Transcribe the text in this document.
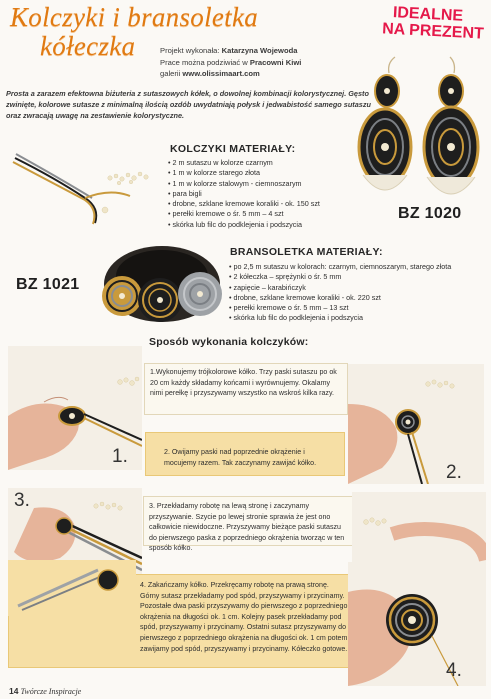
Kolczyki i bransoletka
kółeczka	Projekt wykonała: Katarzyna Wojewoda
Prace można podziwiać w Pracowni Kiwi
galerii www.olissimaart.com
IDEALNE
NA PREZENT
Prosta a zarazem efektowna biżuteria z sutaszowych kółek, o dowolnej kombinacji kolorystycznej. Gęsto zwinięte, kolorowe sutasze z minimalną ilością ozdób uwydatniają połysk i jedwabistość samego sutaszu oraz zwracają uwagę na zestawienie kolorystyczne.
BZ 1020
KOLCZYKI MATERIAŁY:
• 2 m sutaszu w kolorze czarnym
• 1 m w kolorze starego złota
• 1 m w kolorze stalowym - ciemnoszarym
• para bigli
• drobne, szklane kremowe koraliki - ok. 150 szt
• perełki kremowe o śr. 5 mm – 4 szt
• skórka lub filc do podklejenia i podszycia
BZ 1021
BRANSOLETKA MATERIAŁY:
• po 2,5 m sutaszu w kolorach: czarnym, ciemnoszarym, starego złota
• 2 kółeczka – sprężynki o śr. 5 mm
• zapięcie – karabińczyk
• drobne, szklane kremowe koraliki - ok. 220 szt
• perełki kremowe o śr. 5 mm – 13 szt
• skórka lub filc do podklejenia i podszycia
Sposób wykonania kolczyków:
1.
1.Wykonujemy trójkolorowe kółko. Trzy paski sutaszu po ok 20 cm każdy składamy końcami i wyrównujemy. Okalamy nimi perełkę i przyszywamy wszystko na wskroś kilka razy.
2.
2. Owijamy paski nad poprzednie okrążenie i mocujemy razem. Tak zaczynamy zawijać kółko.
3.	3. Przekładamy robotę na lewą stronę i zaczynamy przyszywanie. Szycie po lewej stronie sprawia że jest ono całkowicie niewidoczne. Przyszywamy bieżące paski sutaszu do pierwszego paska z poprzedniego okrążenia tworząc w ten sposób kółko.
4.
4. Zakańczamy kółko. Przekręcamy robotę na prawą stronę. Górny sutasz przekładamy pod spód, przyszywamy i przycinamy. Pozostałe dwa paski przyszywamy do pierwszego z poprzedniego okrążenia na długości ok. 1 cm. Kolejny pasek przekładamy pod spód, przyszywamy i przycinamy. Ostatni sutasz przyszywamy do pierwszego z poprzedniego okrążenia na długości ok. 1 cm potem zawijamy pod spód, przyszywamy i przycinamy. Kółeczko gotowe.
14 Twórcze Inspiracje
